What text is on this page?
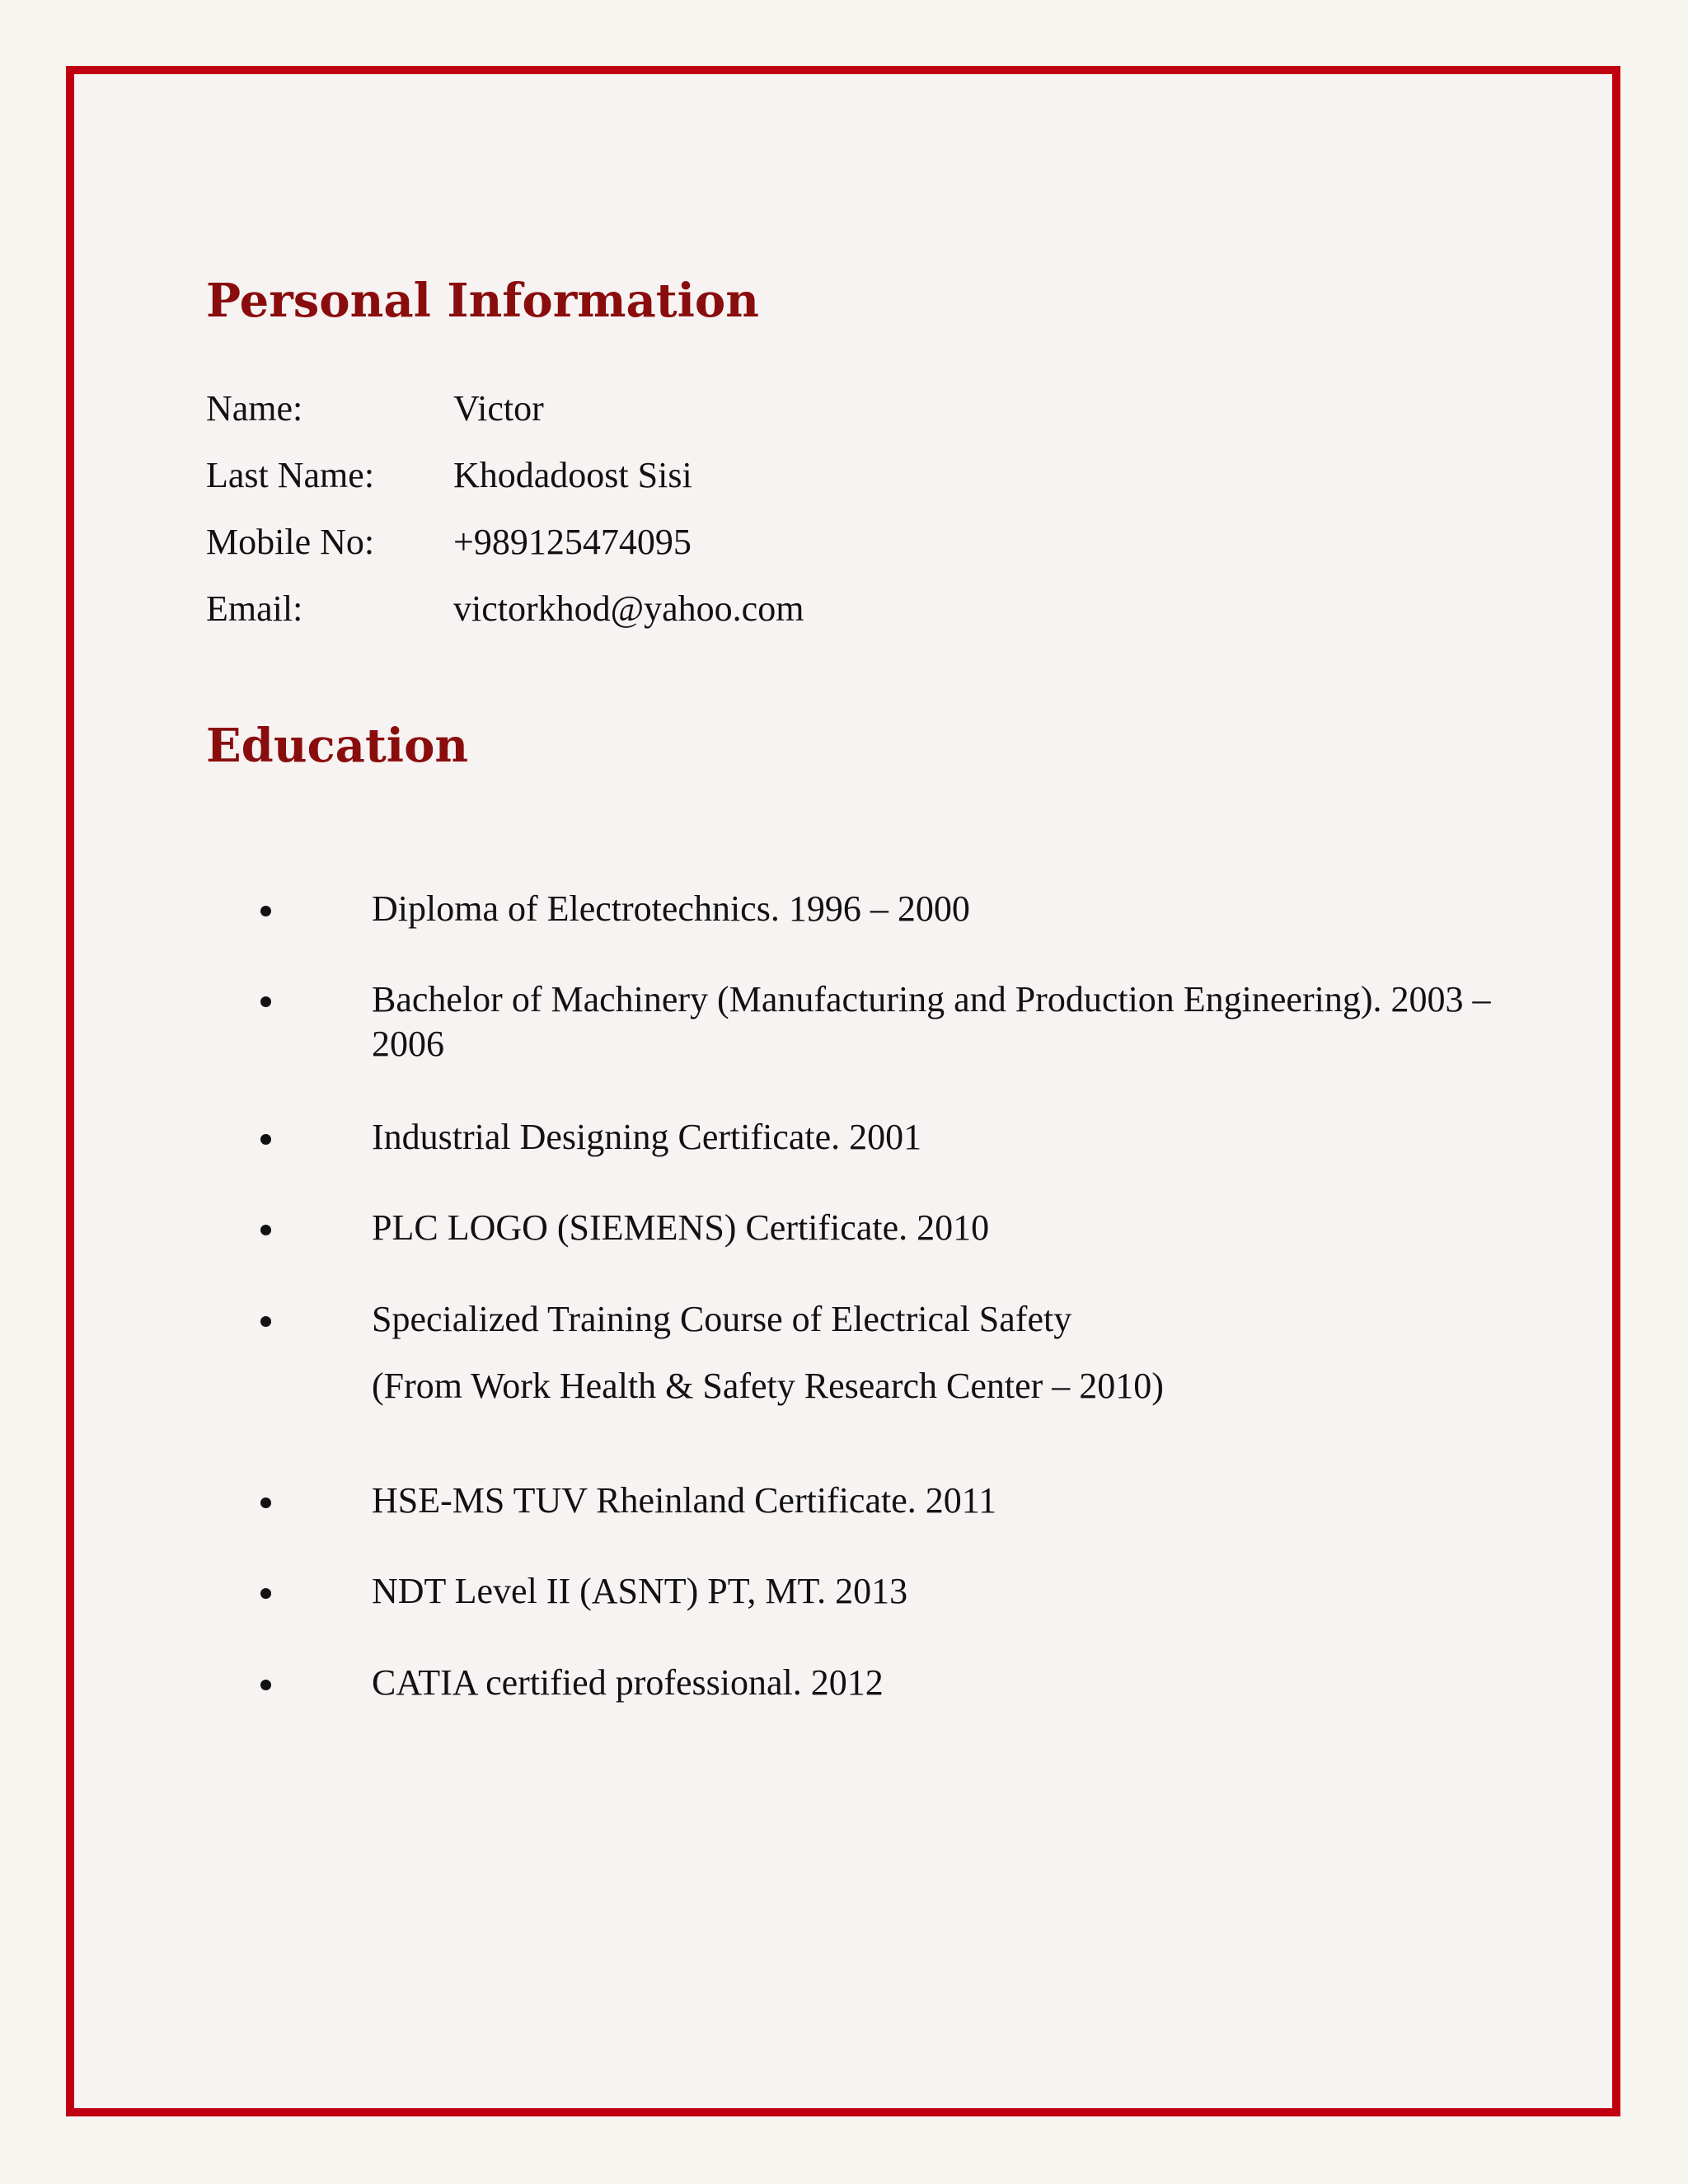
Personal Information
Name:	Victor
Last Name:	Khodadoost Sisi
Mobile No:	+989125474095
Email:	victorkhod@yahoo.com
Education
Diploma of Electrotechnics. 1996 – 2000
Bachelor of Machinery (Manufacturing and Production Engineering). 2003 – 2006
Industrial Designing Certificate. 2001
PLC LOGO (SIEMENS) Certificate. 2010
Specialized Training Course of Electrical Safety
(From Work Health & Safety Research Center – 2010)
HSE-MS TUV Rheinland Certificate. 2011
NDT Level II (ASNT) PT, MT. 2013
CATIA certified professional. 2012
